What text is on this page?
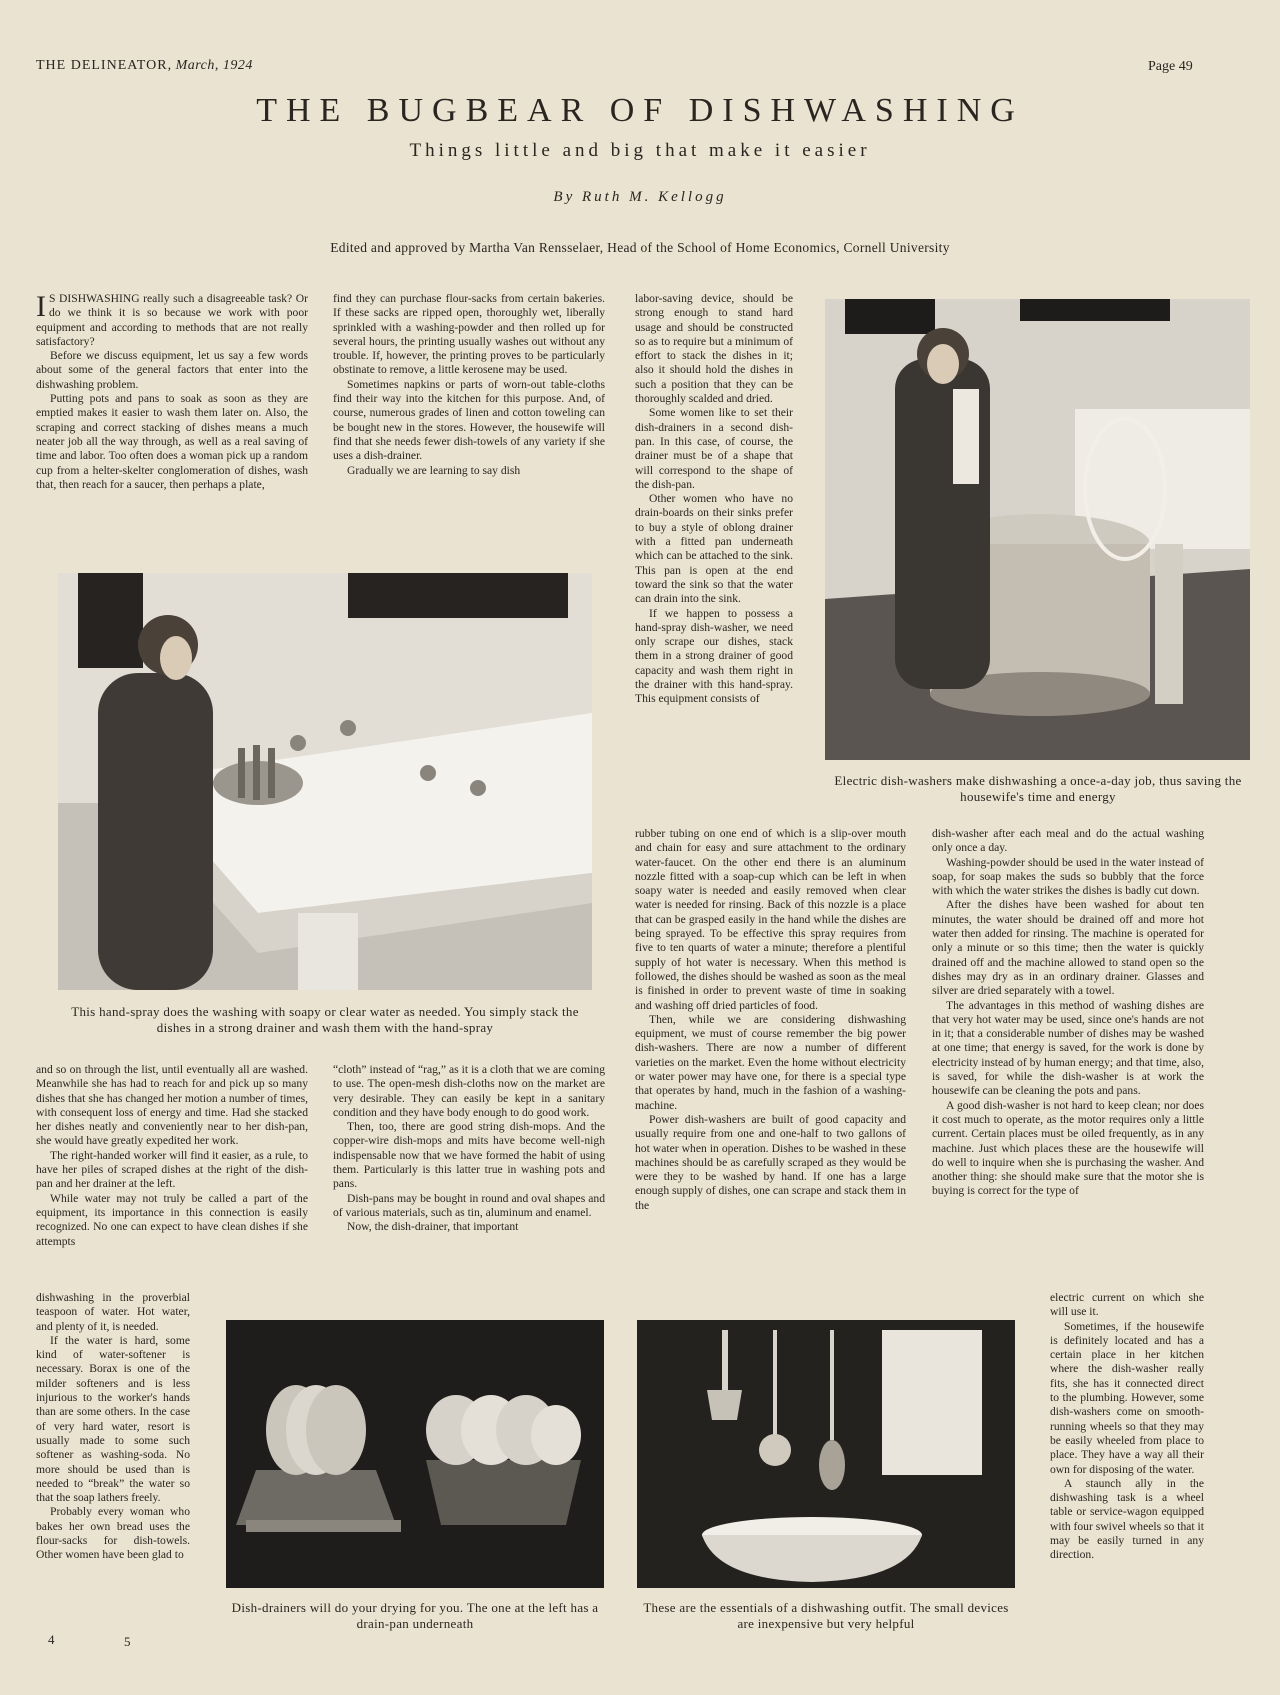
THE DELINEATOR, March, 1924	Page 49
THE BUGBEAR OF DISHWASHING
Things little and big that make it easier
By Ruth M. Kellogg
Edited and approved by Martha Van Rensselaer, Head of the School of Home Economics, Cornell University

I S DISHWASHING really such a disagreeable task? Or do we think it is so because we work with poor equipment and according to methods that are not really satisfactory?

Before we discuss equipment, let us say a few words about some of the general factors that enter into the dishwashing problem.

Putting pots and pans to soak as soon as they are emptied makes it easier to wash them later on. Also, the scraping and correct stacking of dishes means a much neater job all the way through, as well as a real saving of time and labor. Too often does a woman pick up a random cup from a helter-skelter conglomeration of dishes, wash that, then reach for a saucer, then perhaps a plate,

find they can purchase flour-sacks from certain bakeries. If these sacks are ripped open, thoroughly wet, liberally sprinkled with a washing-powder and then rolled up for several hours, the printing usually washes out without any trouble. If, however, the printing proves to be particularly obstinate to remove, a little kerosene may be used.

Sometimes napkins or parts of worn-out table-cloths find their way into the kitchen for this purpose. And, of course, numerous grades of linen and cotton toweling can be bought new in the stores. However, the housewife will find that she needs fewer dish-towels of any variety if she uses a dish-drainer.

Gradually we are learning to say dish

labor-saving device, should be strong enough to stand hard usage and should be constructed so as to require but a minimum of effort to stack the dishes in it; also it should hold the dishes in such a position that they can be thoroughly scalded and dried.

Some women like to set their dish-drainers in a second dish-pan. In this case, of course, the drainer must be of a shape that will correspond to the shape of the dish-pan.

Other women who have no drain-boards on their sinks prefer to buy a style of oblong drainer with a fitted pan underneath which can be attached to the sink. This pan is open at the end toward the sink so that the water can drain into the sink.

If we happen to possess a hand-spray dish-washer, we need only scrape our dishes, stack them in a strong drainer of good capacity and wash them right in the drainer with this hand-spray. This equipment consists of

Electric dish-washers make dishwashing a once-a-day job, thus saving the housewife's time and energy
This hand-spray does the washing with soapy or clear water as needed. You simply stack the dishes in a strong drainer and wash them with the hand-spray

rubber tubing on one end of which is a slip-over mouth and chain for easy and sure attachment to the ordinary water-faucet. On the other end there is an aluminum nozzle fitted with a soap-cup which can be left in when soapy water is needed and easily removed when clear water is needed for rinsing. Back of this nozzle is a place that can be grasped easily in the hand while the dishes are being sprayed. To be effective this spray requires from five to ten quarts of water a minute; therefore a plentiful supply of hot water is necessary. When this method is followed, the dishes should be washed as soon as the meal is finished in order to prevent waste of time in soaking and washing off dried particles of food.

Then, while we are considering dishwashing equipment, we must of course remember the big power dish-washers. There are now a number of different varieties on the market. Even the home without electricity or water power may have one, for there is a special type that operates by hand, much in the fashion of a washing-machine.

Power dish-washers are built of good capacity and usually require from one and one-half to two gallons of hot water when in operation. Dishes to be washed in these machines should be as carefully scraped as they would be were they to be washed by hand. If one has a large enough supply of dishes, one can scrape and stack them in the

dish-washer after each meal and do the actual washing only once a day.

Washing-powder should be used in the water instead of soap, for soap makes the suds so bubbly that the force with which the water strikes the dishes is badly cut down.

After the dishes have been washed for about ten minutes, the water should be drained off and more hot water then added for rinsing. The machine is operated for only a minute or so this time; then the water is quickly drained off and the machine allowed to stand open so the dishes may dry as in an ordinary drainer. Glasses and silver are dried separately with a towel.

The advantages in this method of washing dishes are that very hot water may be used, since one's hands are not in it; that a considerable number of dishes may be washed at one time; that energy is saved, for the work is done by electricity instead of by human energy; and that time, also, is saved, for while the dish-washer is at work the housewife can be cleaning the pots and pans.

A good dish-washer is not hard to keep clean; nor does it cost much to operate, as the motor requires only a little current. Certain places must be oiled frequently, as in any machine. Just which places these are the housewife will do well to inquire when she is purchasing the washer. And another thing: she should make sure that the motor she is buying is correct for the type of

electric current on which she will use it.

Sometimes, if the housewife is definitely located and has a certain place in her kitchen where the dish-washer really fits, she has it connected direct to the plumbing. However, some dish-washers come on smooth-running wheels so that they may be easily wheeled from place to place. They have a way all their own for disposing of the water.

A staunch ally in the dishwashing task is a wheel table or service-wagon equipped with four swivel wheels so that it may be easily turned in any direction.

and so on through the list, until eventually all are washed. Meanwhile she has had to reach for and pick up so many dishes that she has changed her motion a number of times, with consequent loss of energy and time. Had she stacked her dishes neatly and conveniently near to her dish-pan, she would have greatly expedited her work.

The right-handed worker will find it easier, as a rule, to have her piles of scraped dishes at the right of the dish-pan and her drainer at the left.

While water may not truly be called a part of the equipment, its importance in this connection is easily recognized. No one can expect to have clean dishes if she attempts

dishwashing in the proverbial teaspoon of water. Hot water, and plenty of it, is needed.

If the water is hard, some kind of water-softener is necessary. Borax is one of the milder softeners and is less injurious to the worker's hands than are some others. In the case of very hard water, resort is usually made to some such softener as washing-soda. No more should be used than is needed to “break” the water so that the soap lathers freely.

Probably every woman who bakes her own bread uses the flour-sacks for dish-towels. Other women have been glad to

“cloth” instead of “rag,” as it is a cloth that we are coming to use. The open-mesh dish-cloths now on the market are very desirable. They can easily be kept in a sanitary condition and they have body enough to do good work.

Then, too, there are good string dish-mops. And the copper-wire dish-mops and mits have become well-nigh indispensable now that we have formed the habit of using them. Particularly is this latter true in washing pots and pans.

Dish-pans may be bought in round and oval shapes and of various materials, such as tin, aluminum and enamel.

Now, the dish-drainer, that important

Dish-drainers will do your drying for you. The one at the left has a drain-pan underneath
These are the essentials of a dishwashing outfit. The small devices are inexpensive but very helpful
4	5
